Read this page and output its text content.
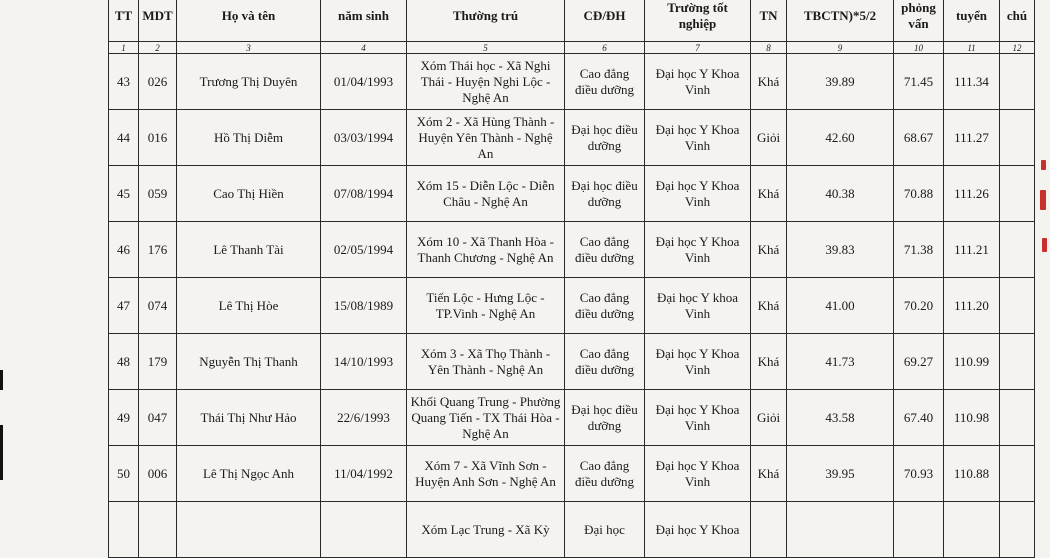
TT	MDT	Họ và tên	năm sinh	Thường trú	CĐ/ĐH	Trường tốt nghiệp	TN	TBCTN)*5/2	phỏng vấn	tuyển	chú
1	2	3	4	5	6	7	8	9	10	11	12
43	026	Trương Thị Duyên	01/04/1993	Xóm Thái học - Xã Nghi Thái - Huyện Nghi Lộc - Nghệ An	Cao đẳng điều dưỡng	Đại học Y Khoa Vinh	Khá	39.89	71.45	111.34	
44	016	Hồ Thị Diễm	03/03/1994	Xóm 2 - Xã Hùng Thành - Huyện Yên Thành - Nghệ An	Đại học điều dưỡng	Đại học Y Khoa Vinh	Giỏi	42.60	68.67	111.27	
45	059	Cao Thị Hiền	07/08/1994	Xóm 15 - Diễn Lộc - Diễn Châu - Nghệ An	Đại học điều dưỡng	Đại học Y Khoa Vinh	Khá	40.38	70.88	111.26	
46	176	Lê Thanh Tài	02/05/1994	Xóm 10 - Xã Thanh Hòa - Thanh Chương - Nghệ An	Cao đẳng điều dưỡng	Đại học Y Khoa Vinh	Khá	39.83	71.38	111.21	
47	074	Lê Thị Hòe	15/08/1989	Tiến Lộc - Hưng Lộc - TP.Vinh - Nghệ An	Cao đẳng điều dưỡng	Đại học Y khoa Vinh	Khá	41.00	70.20	111.20	
48	179	Nguyễn Thị Thanh	14/10/1993	Xóm 3 - Xã Thọ Thành - Yên Thành - Nghệ An	Cao đẳng điều dưỡng	Đại học Y Khoa Vinh	Khá	41.73	69.27	110.99	
49	047	Thái Thị Như Hảo	22/6/1993	Khối Quang Trung - Phường Quang Tiến - TX Thái Hòa - Nghệ An	Đại học điều dưỡng	Đại học Y Khoa Vinh	Giỏi	43.58	67.40	110.98	
50	006	Lê Thị Ngọc Anh	11/04/1992	Xóm 7 - Xã Vĩnh Sơn - Huyện Anh Sơn - Nghệ An	Cao đẳng điều dưỡng	Đại học Y Khoa Vinh	Khá	39.95	70.93	110.88	
				Xóm Lạc Trung - Xã Kỳ	Đại học	Đại học Y Khoa					
